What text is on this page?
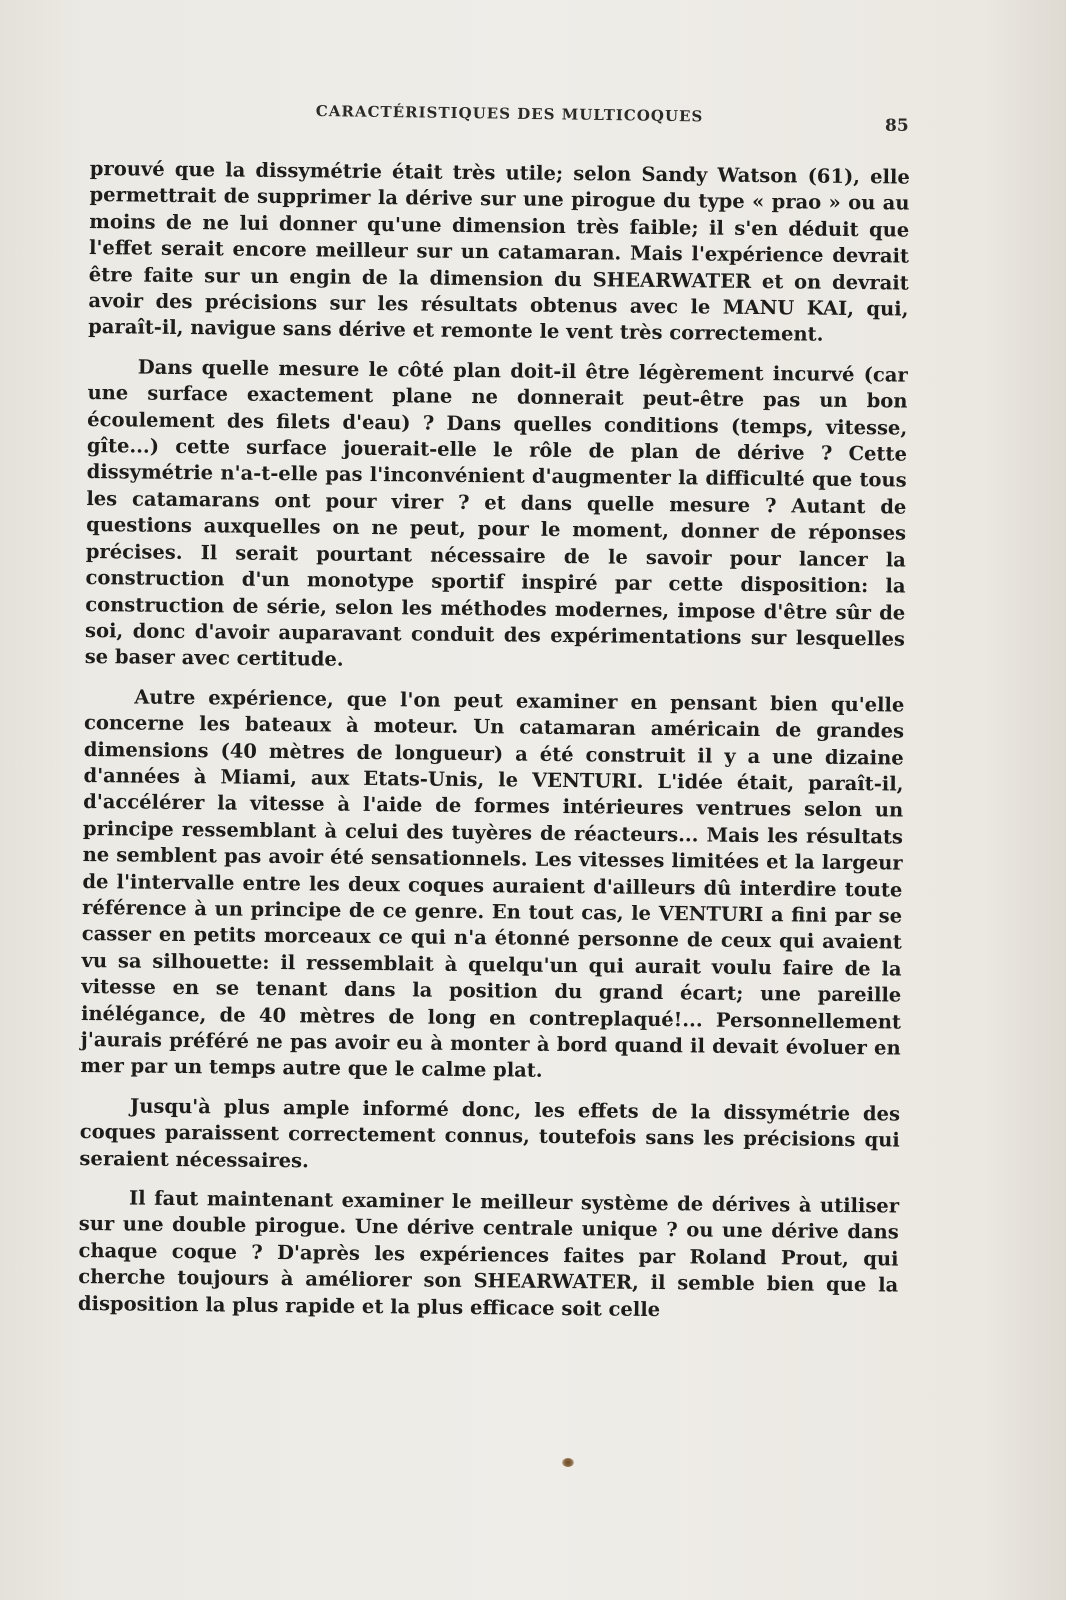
CARACTÉRISTIQUES DES MULTICOQUES
85

prouvé que la dissymétrie était très utile; selon Sandy Watson (61), elle permettrait de supprimer la dérive sur une pirogue du type « prao » ou au moins de ne lui donner qu'une dimension très faible; il s'en déduit que l'effet serait encore meilleur sur un catamaran. Mais l'expérience devrait être faite sur un engin de la dimension du SHEARWATER et on devrait avoir des précisions sur les résultats obtenus avec le MANU KAI, qui, paraît-il, navigue sans dérive et remonte le vent très correctement.

Dans quelle mesure le côté plan doit-il être légèrement incurvé (car une surface exactement plane ne donnerait peut-être pas un bon écoulement des filets d'eau) ? Dans quelles conditions (temps, vitesse, gîte...) cette surface jouerait-elle le rôle de plan de dérive ? Cette dissymétrie n'a-t-elle pas l'inconvénient d'augmenter la difficulté que tous les catamarans ont pour virer ? et dans quelle mesure ? Autant de questions auxquelles on ne peut, pour le moment, donner de réponses précises. Il serait pourtant nécessaire de le savoir pour lancer la construction d'un monotype sportif inspiré par cette disposition: la construction de série, selon les méthodes modernes, impose d'être sûr de soi, donc d'avoir auparavant conduit des expérimentations sur lesquelles se baser avec certitude.

Autre expérience, que l'on peut examiner en pensant bien qu'elle concerne les bateaux à moteur. Un catamaran américain de grandes dimensions (40 mètres de longueur) a été construit il y a une dizaine d'années à Miami, aux Etats-Unis, le VENTURI. L'idée était, paraît-il, d'accélérer la vitesse à l'aide de formes intérieures ventrues selon un principe ressemblant à celui des tuyères de réacteurs... Mais les résultats ne semblent pas avoir été sensationnels. Les vitesses limitées et la largeur de l'intervalle entre les deux coques auraient d'ailleurs dû interdire toute référence à un principe de ce genre. En tout cas, le VENTURI a fini par se casser en petits morceaux ce qui n'a étonné personne de ceux qui avaient vu sa silhouette: il ressemblait à quelqu'un qui aurait voulu faire de la vitesse en se tenant dans la position du grand écart; une pareille inélégance, de 40 mètres de long en contreplaqué!... Personnellement j'aurais préféré ne pas avoir eu à monter à bord quand il devait évoluer en mer par un temps autre que le calme plat.

Jusqu'à plus ample informé donc, les effets de la dissymétrie des coques paraissent correctement connus, toutefois sans les précisions qui seraient nécessaires.

Il faut maintenant examiner le meilleur système de dérives à utiliser sur une double pirogue. Une dérive centrale unique ? ou une dérive dans chaque coque ? D'après les expériences faites par Roland Prout, qui cherche toujours à améliorer son SHEARWATER, il semble bien que la disposition la plus rapide et la plus efficace soit celle
